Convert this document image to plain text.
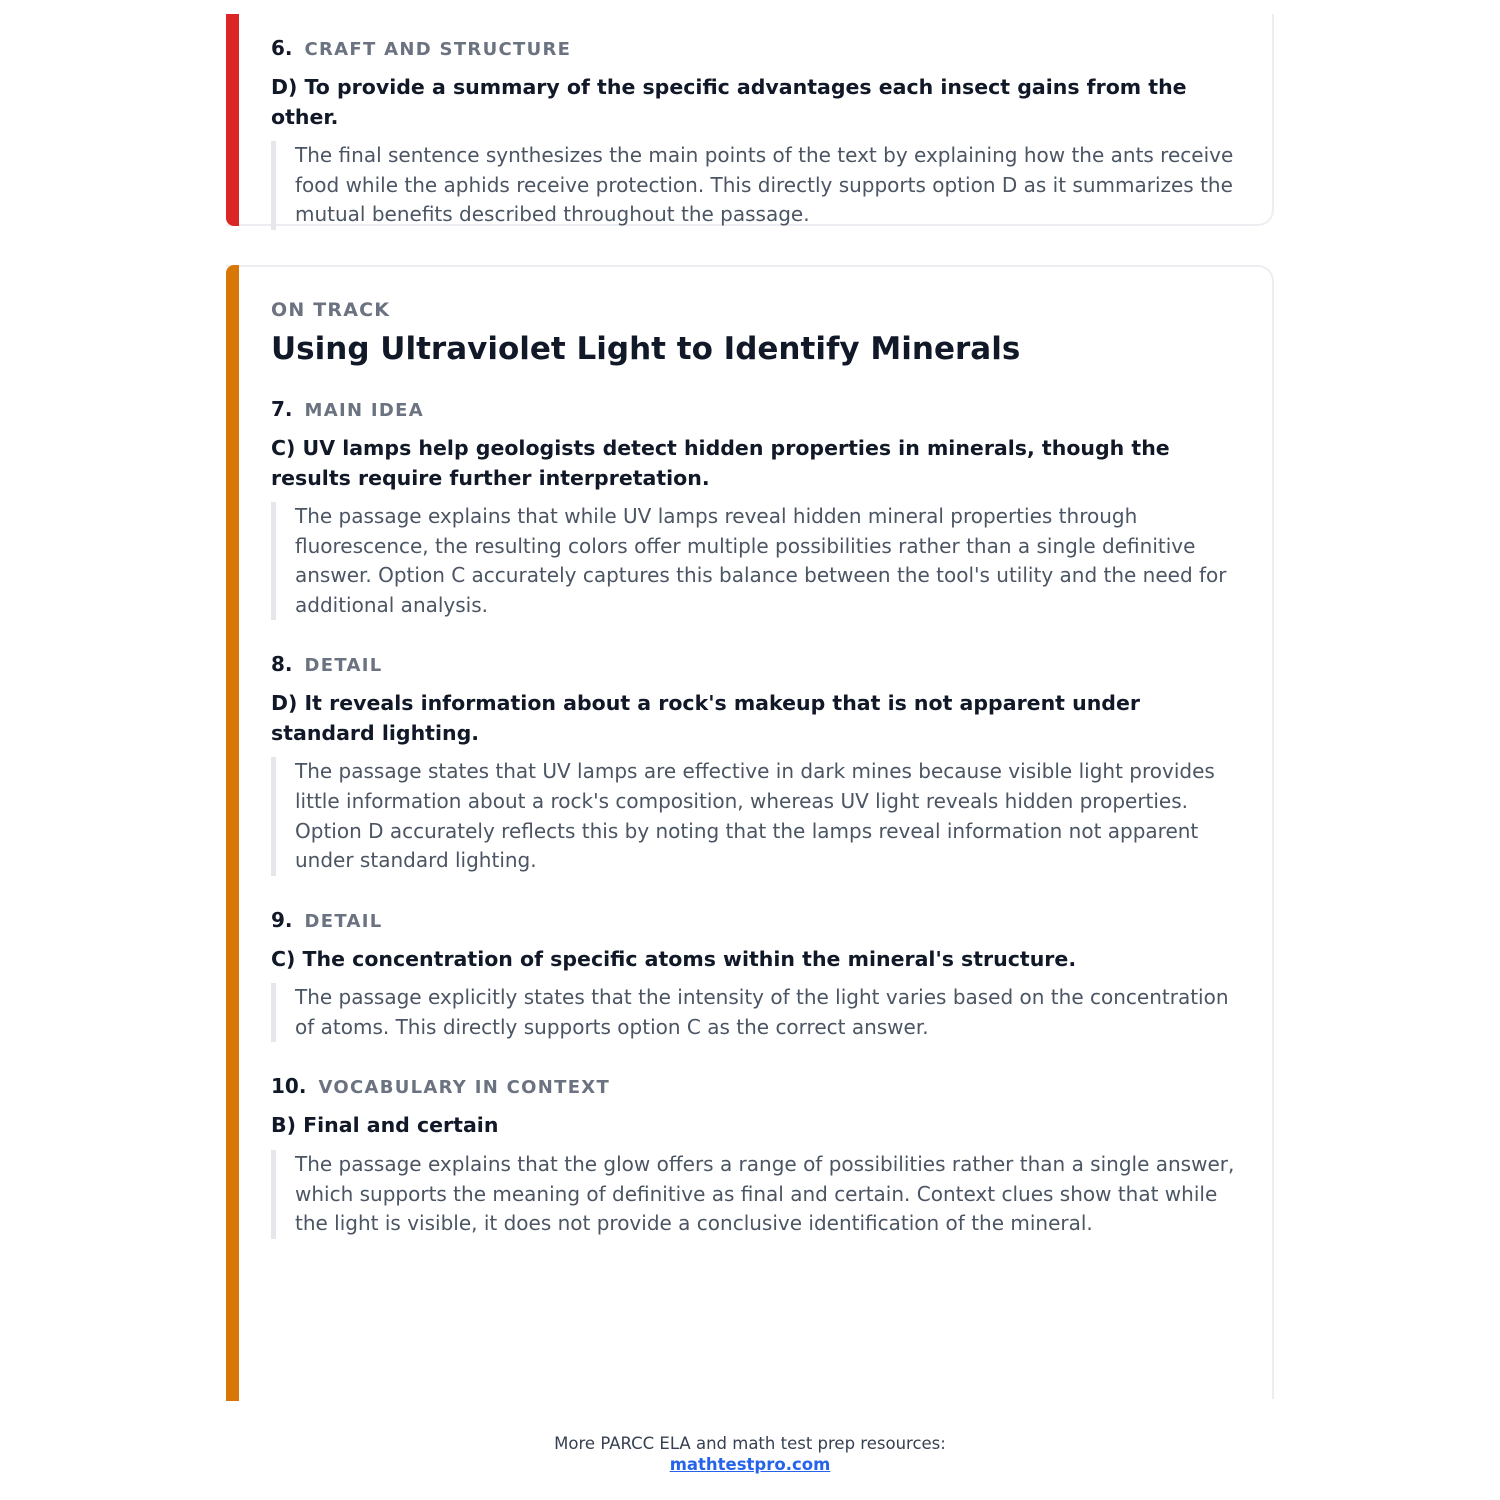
6. CRAFT AND STRUCTURE
D) To provide a summary of the specific advantages each insect gains from the other.
The final sentence synthesizes the main points of the text by explaining how the ants receive food while the aphids receive protection. This directly supports option D as it summarizes the mutual benefits described throughout the passage.
ON TRACK
Using Ultraviolet Light to Identify Minerals
7. MAIN IDEA
C) UV lamps help geologists detect hidden properties in minerals, though the results require further interpretation.
The passage explains that while UV lamps reveal hidden mineral properties through fluorescence, the resulting colors offer multiple possibilities rather than a single definitive answer. Option C accurately captures this balance between the tool's utility and the need for additional analysis.
8. DETAIL
D) It reveals information about a rock's makeup that is not apparent under standard lighting.
The passage states that UV lamps are effective in dark mines because visible light provides little information about a rock's composition, whereas UV light reveals hidden properties. Option D accurately reflects this by noting that the lamps reveal information not apparent under standard lighting.
9. DETAIL
C) The concentration of specific atoms within the mineral's structure.
The passage explicitly states that the intensity of the light varies based on the concentration of atoms. This directly supports option C as the correct answer.
10. VOCABULARY IN CONTEXT
B) Final and certain
The passage explains that the glow offers a range of possibilities rather than a single answer, which supports the meaning of definitive as final and certain. Context clues show that while the light is visible, it does not provide a conclusive identification of the mineral.
More PARCC ELA and math test prep resources:
mathtestpro.com
